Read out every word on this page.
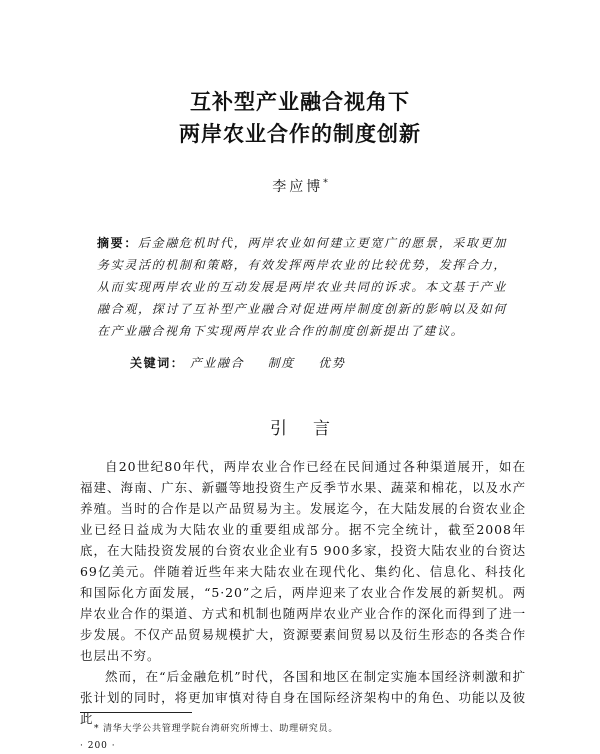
互补型产业融合视角下
两岸农业合作的制度创新
李应博*
摘要：后金融危机时代，两岸农业如何建立更宽广的愿景，采取更加务实灵活的机制和策略，有效发挥两岸农业的比较优势，发挥合力，从而实现两岸农业的互动发展是两岸农业共同的诉求。本文基于产业融合观，探讨了互补型产业融合对促进两岸制度创新的影响以及如何在产业融合视角下实现两岸农业合作的制度创新提出了建议。
关键词： 产业融合 制度 优势
引言

自20世纪80年代，两岸农业合作已经在民间通过各种渠道展开，如在福建、海南、广东、新疆等地投资生产反季节水果、蔬菜和棉花，以及水产养殖。当时的合作是以产品贸易为主。发展迄今，在大陆发展的台资农业企业已经日益成为大陆农业的重要组成部分。据不完全统计，截至2008年底，在大陆投资发展的台资农业企业有5 900多家，投资大陆农业的台资达69亿美元。伴随着近些年来大陆农业在现代化、集约化、信息化、科技化和国际化方面发展，“5·20”之后，两岸迎来了农业合作发展的新契机。两岸农业合作的渠道、方式和机制也随两岸农业产业合作的深化而得到了进一步发展。不仅产品贸易规模扩大，资源要素间贸易以及衍生形态的各类合作也层出不穷。

然而，在“后金融危机”时代，各国和地区在制定实施本国经济刺激和扩张计划的同时，将更加审慎对待自身在国际经济架构中的角色、功能以及彼此

* 清华大学公共管理学院台湾研究所博士、助理研究员。
· 200 ·
